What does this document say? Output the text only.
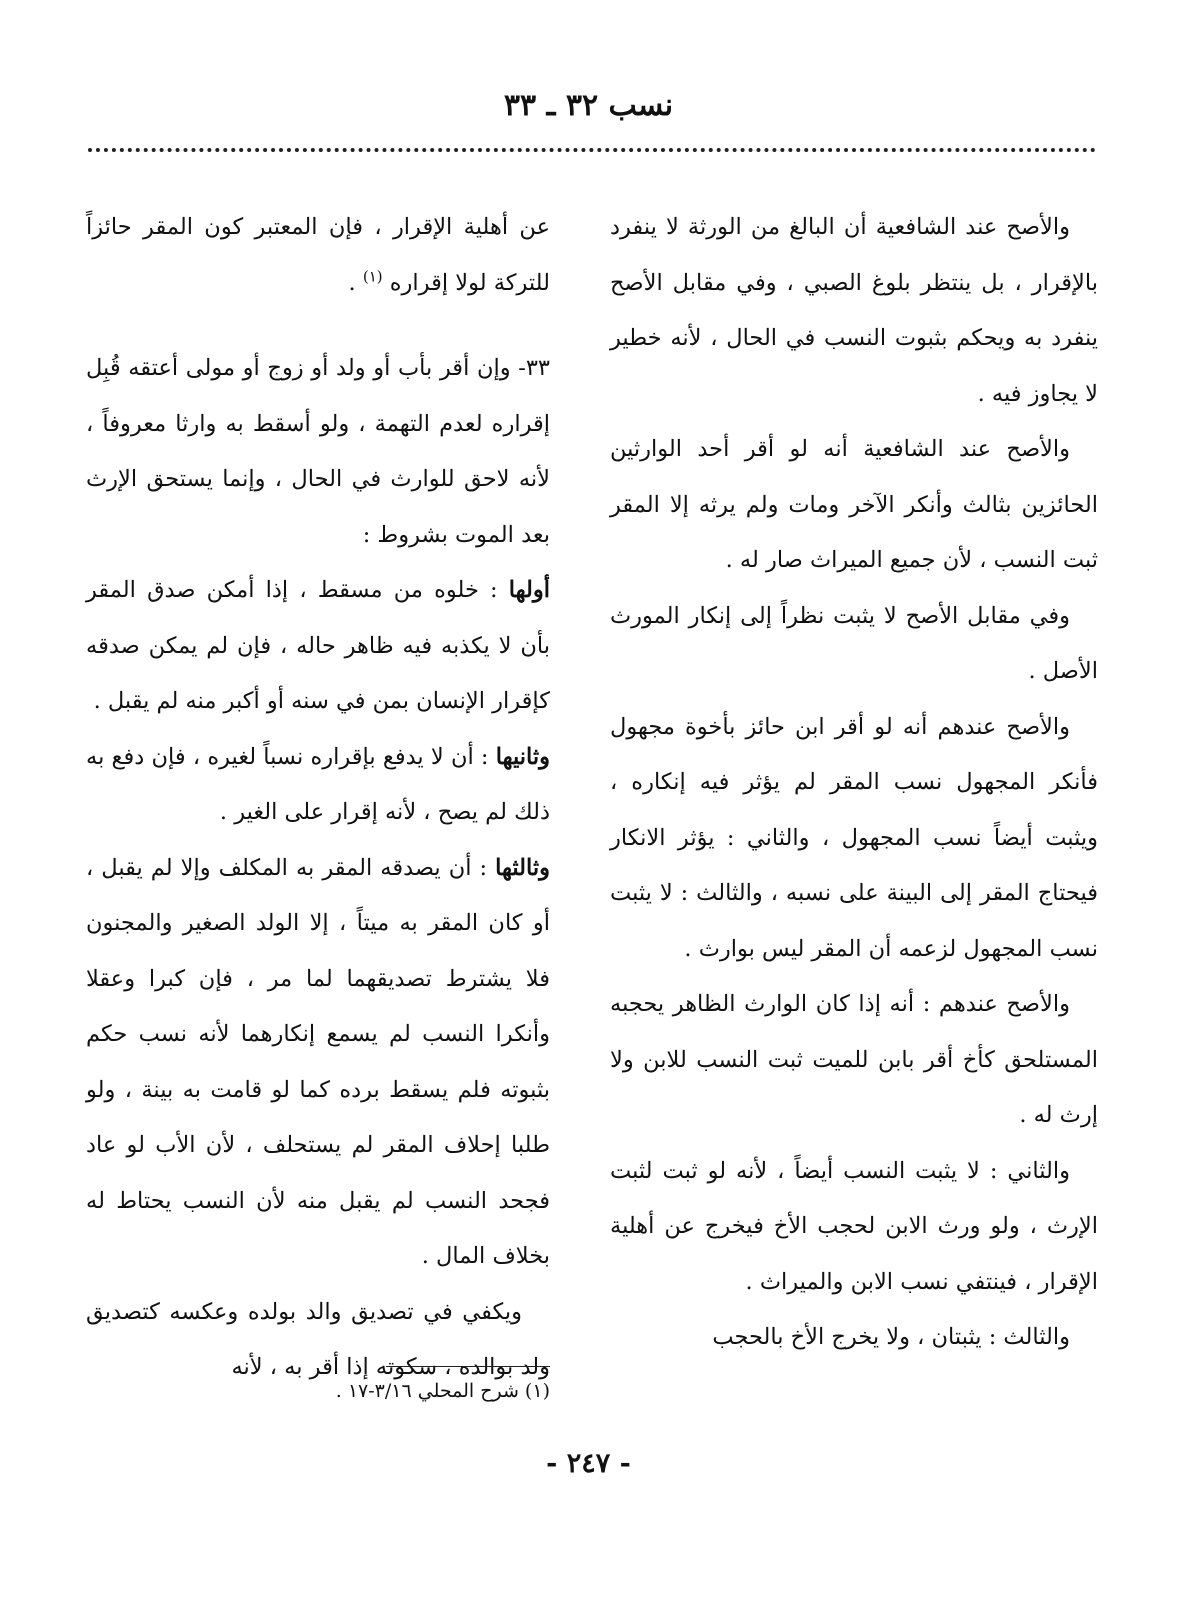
نسب ٣٢ ـ ٣٣

والأصح عند الشافعية أن البالغ من الورثة لا ينفرد بالإقرار ، بل ينتظر بلوغ الصبي ، وفي مقابل الأصح ينفرد به ويحكم بثبوت النسب في الحال ، لأنه خطير لا يجاوز فيه .

والأصح عند الشافعية أنه لو أقر أحد الوارثين الحائزين بثالث وأنكر الآخر ومات ولم يرثه إلا المقر ثبت النسب ، لأن جميع الميراث صار له .

وفي مقابل الأصح لا يثبت نظراً إلى إنكار المورث الأصل .

والأصح عندهم أنه لو أقر ابن حائز بأخوة مجهول فأنكر المجهول نسب المقر لم يؤثر فيه إنكاره ، ويثبت أيضاً نسب المجهول ، والثاني : يؤثر الانكار فيحتاج المقر إلى البينة على نسبه ، والثالث : لا يثبت نسب المجهول لزعمه أن المقر ليس بوارث .

والأصح عندهم : أنه إذا كان الوارث الظاهر يحجبه المستلحق كأخ أقر بابن للميت ثبت النسب للابن ولا إرث له .

والثاني : لا يثبت النسب أيضاً ، لأنه لو ثبت لثبت الإرث ، ولو ورث الابن لحجب الأخ فيخرج عن أهلية الإقرار ، فينتفي نسب الابن والميراث .

والثالث : يثبتان ، ولا يخرج الأخ بالحجب

عن أهلية الإقرار ، فإن المعتبر كون المقر حائزاً للتركة لولا إقراره $^{(١)}$ .

٣٣- وإن أقر بأب أو ولد أو زوج أو مولى أعتقه قُبِل إقراره لعدم التهمة ، ولو أسقط به وارثا معروفاً ، لأنه لاحق للوارث في الحال ، وإنما يستحق الإرث بعد الموت بشروط :

أولها : خلوه من مسقط ، إذا أمكن صدق المقر بأن لا يكذبه فيه ظاهر حاله ، فإن لم يمكن صدقه كإقرار الإنسان بمن في سنه أو أكبر منه لم يقبل .

وثانيها : أن لا يدفع بإقراره نسباً لغيره ، فإن دفع به ذلك لم يصح ، لأنه إقرار على الغير .

وثالثها : أن يصدقه المقر به المكلف وإلا لم يقبل ، أو كان المقر به ميتاً ، إلا الولد الصغير والمجنون فلا يشترط تصديقهما لما مر ، فإن كبرا وعقلا وأنكرا النسب لم يسمع إنكارهما لأنه نسب حكم بثبوته فلم يسقط برده كما لو قامت به بينة ، ولو طلبا إحلاف المقر لم يستحلف ، لأن الأب لو عاد فجحد النسب لم يقبل منه لأن النسب يحتاط له بخلاف المال .

ويكفي في تصديق والد بولده وعكسه كتصديق ولد بوالده ، سكوته إذا أقر به ، لأنه

(١) شرح المحلي ٣/١٦-١٧ .
- ٢٤٧ -
